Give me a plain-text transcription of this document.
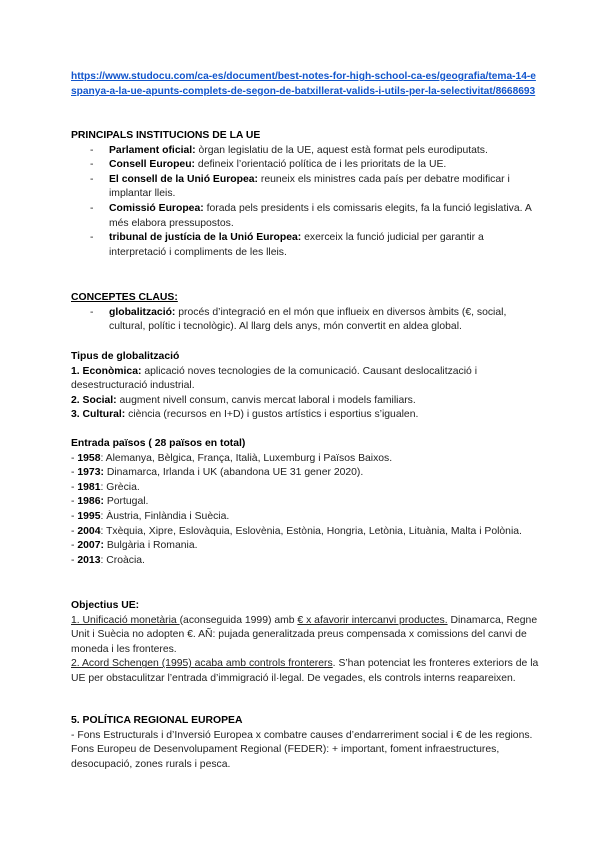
https://www.studocu.com/ca-es/document/best-notes-for-high-school-ca-es/geografia/tema-14-espanya-a-la-ue-apunts-complets-de-segon-de-batxillerat-valids-i-utils-per-la-selectivitat/8668693

PRINCIPALS INSTITUCIONS DE LA UE

- Parlament oficial: òrgan legislatiu de la UE, aquest està format pels eurodiputats.
- Consell Europeu: defineix l’orientació política de i les prioritats de la UE.
- El consell de la Unió Europea: reuneix els ministres cada país per debatre modificar i implantar lleis.
- Comissió Europea: forada pels presidents i els comissaris elegits, fa la funció legislativa. A més elabora pressupostos.
- tribunal de justícia de la Unió Europea: exerceix la funció judicial per garantir a interpretació i compliments de les lleis.

CONCEPTES CLAUS:

- globalització: procés d’integració en el món que influeix en diversos àmbits (€, social, cultural, polític i tecnològic). Al llarg dels anys, món convertit en aldea global.

Tipus de globalització

1. Econòmica: aplicació noves tecnologies de la comunicació. Causant deslocalització i desestructuració industrial.

2. Social: augment nivell consum, canvis mercat laboral i models familiars.

3. Cultural: ciència (recursos en I+D) i gustos artístics i esportius s’igualen.

Entrada països ( 28 països en total)

- 1958: Alemanya, Bèlgica, França, Italià, Luxemburg i Països Baixos.

- 1973: Dinamarca, Irlanda i UK (abandona UE 31 gener 2020).

- 1981: Grècia.

- 1986: Portugal.

- 1995: Àustria, Finlàndia i Suècia.

- 2004: Txèquia, Xipre, Eslovàquia, Eslovènia, Estònia, Hongria, Letònia, Lituània, Malta i Polònia.

- 2007: Bulgària i Romania.

- 2013: Croàcia.

Objectius UE:

1. Unificació monetària (aconseguida 1999) amb € x afavorir intercanvi productes. Dinamarca, Regne Unit i Suècia no adopten €. AÑ: pujada generalitzada preus compensada x comissions del canvi de moneda i les fronteres.

2. Acord Schengen (1995) acaba amb controls fronterers. S’han potenciat les fronteres exteriors de la UE per obstaculitzar l’entrada d’immigració il·legal. De vegades, els controls interns reapareixen.

5. POLÍTICA REGIONAL EUROPEA

- Fons Estructurals i d’Inversió Europea x combatre causes d’endarreriment social i € de les regions. Fons Europeu de Desenvolupament Regional (FEDER): + important, foment infraestructures, desocupació, zones rurals i pesca.
